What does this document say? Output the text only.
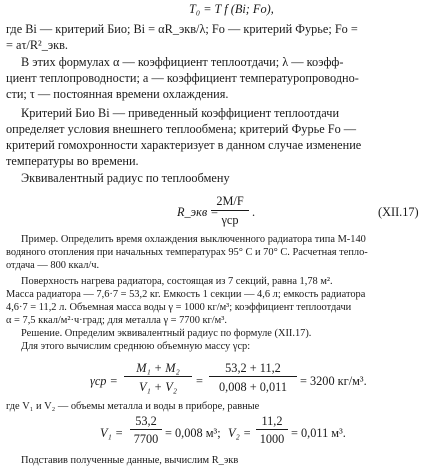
T₀ = T f (Bi; Fo),
где Bi — критерий Био; Bi = αR_экв/λ; Fo — критерий Фурье; Fo =
= aτ/R²_экв.
В этих формулах α — коэффициент теплоотдачи; λ — коэфф-
циент теплопроводности; a — коэффициент температуропроводно-
сти; τ — постоянная времени охлаждения.
Критерий Био Bi — приведенный коэффициент теплоотдачи
определяет условия внешнего теплообмена; критерий Фурье Fo —
критерий гомохронности характеризует в данном случае изменение
температуры во времени.
Эквивалентный радиус по теплообмену
R_экв =
2M/F
γср
.	(XII.17)
Пример. Определить время охлаждения выключенного радиатора типа М-140
водяного отопления при начальных температурах 95° С и 70° С. Расчетная тепло-
отдача — 800 ккал/ч.
Поверхность нагрева радиатора, состоящая из 7 секций, равна 1,78 м².
Масса радиатора — 7,6·7 = 53,2 кг. Емкость 1 секции — 4,6 л; емкость радиатора
4,6·7 = 11,2 л. Объемная масса воды γ = 1000 кг/м³; коэффициент теплоотдачи
α = 7,5 ккал/м²·ч·град; для металла γ = 7700 кг/м³.
Решение. Определим эквивалентный радиус по формуле (XII.17).
Для этого вычислим среднюю объемную массу γср:
γср =
M₁ + M₂
V₁ + V₂	=
53,2 + 11,2
0,008 + 0,011	= 3200 кг/м³.
где V₁ и V₂ — объемы металла и воды в приборе, равные
V₁ =
53,2
7700 = 0,008 м³; V₂ =
11,2
1000 = 0,011 м³.
Подставив полученные данные, вычислим R_экв
